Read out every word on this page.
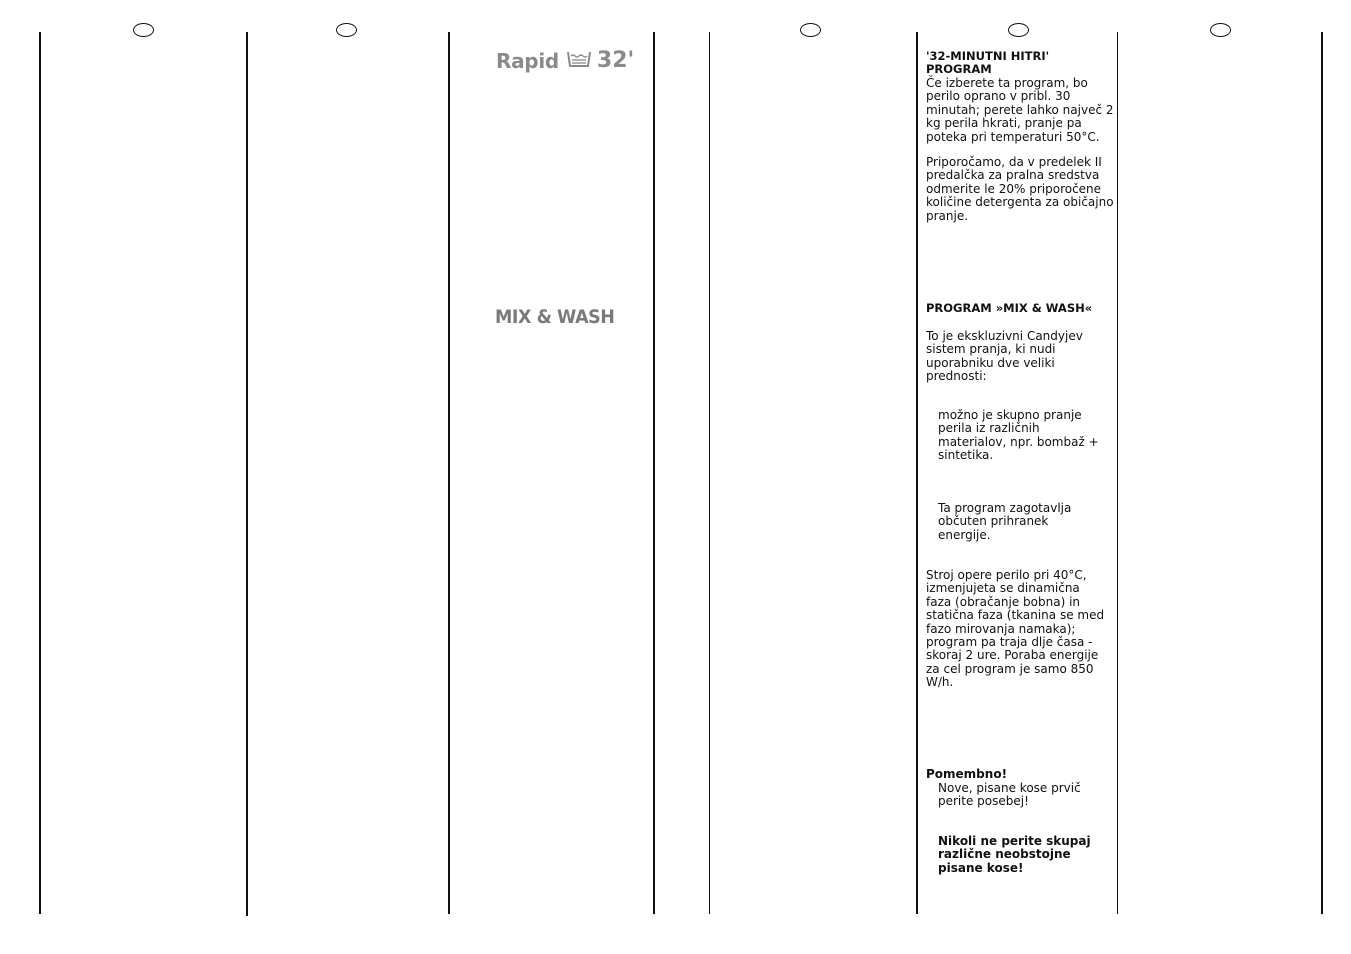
Rapid 32'
MIX & WASH

'32-MINUTNI HITRI' PROGRAM

Če izberete ta program, bo perilo oprano v pribl. 30 minutah; perete lahko največ 2 kg perila hkrati, pranje pa poteka pri temperaturi 50°C.

Priporočamo, da v predelek II predalčka za pralna sredstva odmerite le 20% priporočene količine detergenta za običajno pranje.

PROGRAM »MIX & WASH«

To je ekskluzivni Candyjev sistem pranja, ki nudi uporabniku dve veliki prednosti:

možno je skupno pranje perila iz različnih materialov, npr. bombaž + sintetika.

Ta program zagotavlja občuten prihranek energije.

Stroj opere perilo pri 40°C, izmenjujeta se dinamična faza (obračanje bobna) in statična faza (tkanina se med fazo mirovanja namaka); program pa traja dlje časa - skoraj 2 ure. Poraba energije za cel program je samo 850 W/h.

Pomembno!

Nove, pisane kose prvič perite posebej!

Nikoli ne perite skupaj različne neobstojne pisane kose!
